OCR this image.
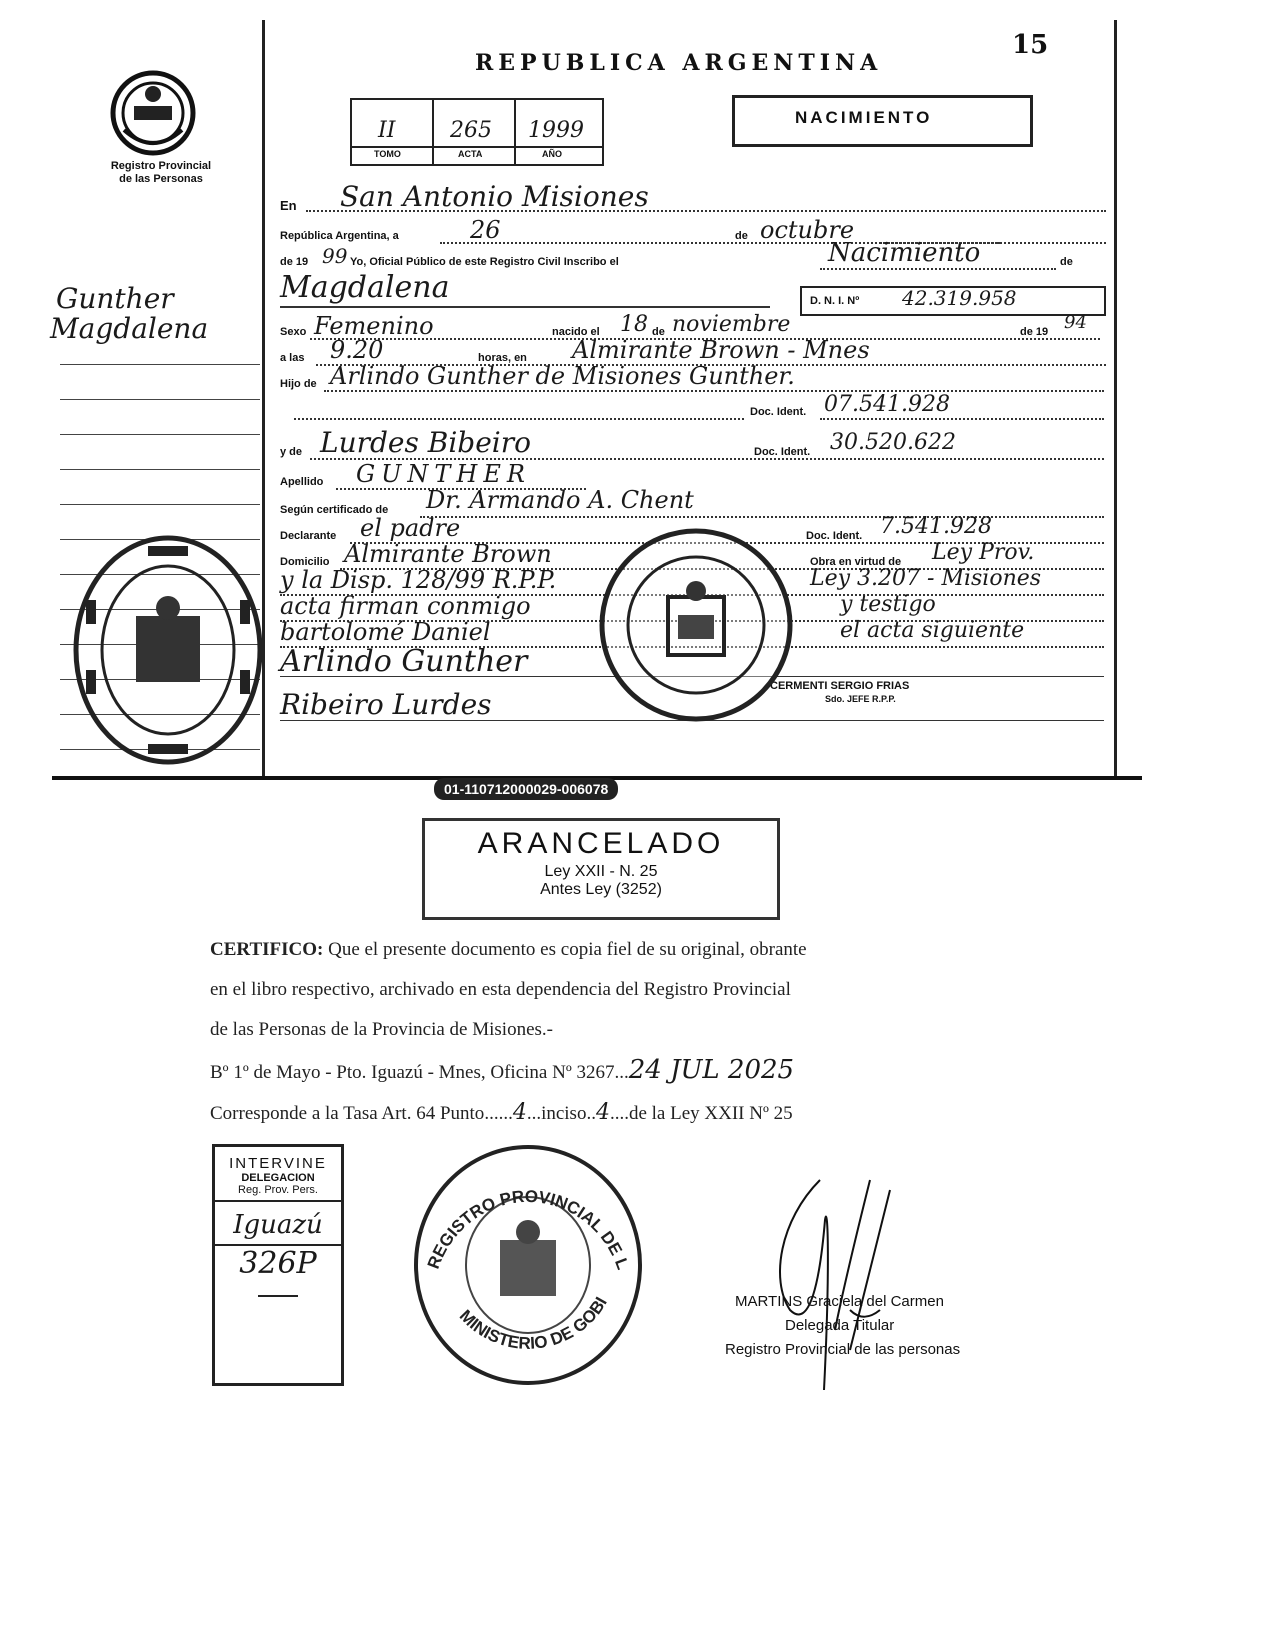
15
REPUBLICA ARGENTINA
NACIMIENTO
Registro Provincial
de las Personas
II 265 1999
TOMO	ACTA	AÑO
Gunther
Magdalena
En San Antonio Misiones
República Argentina, a	26	de octubre
de 19 99 Yo, Oficial Público de este Registro Civil Inscribo el	Nacimiento	de
Magdalena	D. N. I. Nº 42.319.958
Sexo Femenino	nacido el 18 de noviembre	de 19 94
a las 9.20	horas, en Almirante Brown - Mnes
Hijo de Arlindo Gunther de Misiones Gunther.
Doc. Ident. 07.541.928
y de Lurdes Bibeiro	Doc. Ident. 30.520.622
Apellido GUNTHER
Según certificado de Dr. Armando A. Chent
Declarante el padre	Doc. Ident. 7.541.928
Domicilio Almirante Brown	Obra en virtud de Ley Prov.
y la Disp. 128/99 R.P.P.	Ley 3.207 - Misiones
acta firman conmigo	y testigo
bartolomé Daniel	el acta siguiente
Arlindo Gunther
CERMENTI SERGIO FRIAS
Sdo. JEFE R.P.P.
Ribeiro Lurdes
01-110712000029-006078
ARANCELADO
Ley XXII - N. 25
Antes Ley (3252)
CERTIFICO: Que el presente documento es copia fiel de su original, obrante
en el libro respectivo, archivado en esta dependencia del Registro Provincial
de las Personas de la Provincia de Misiones.-
Bº 1º de Mayo - Pto. Iguazú - Mnes, Oficina Nº 3267...24 JUL 2025
Corresponde a la Tasa Art. 64 Punto......4...inciso..4....de la Ley XXII Nº 25
INTERVINE
DELEGACION
Reg. Prov. Pers.
Iguazú
326P	REGISTRO PROVINCIAL DE L
MINISTERIO DE GOBI	MARTINS Graciela del Carmen
Delegada Titular
Registro Provincial de las personas
